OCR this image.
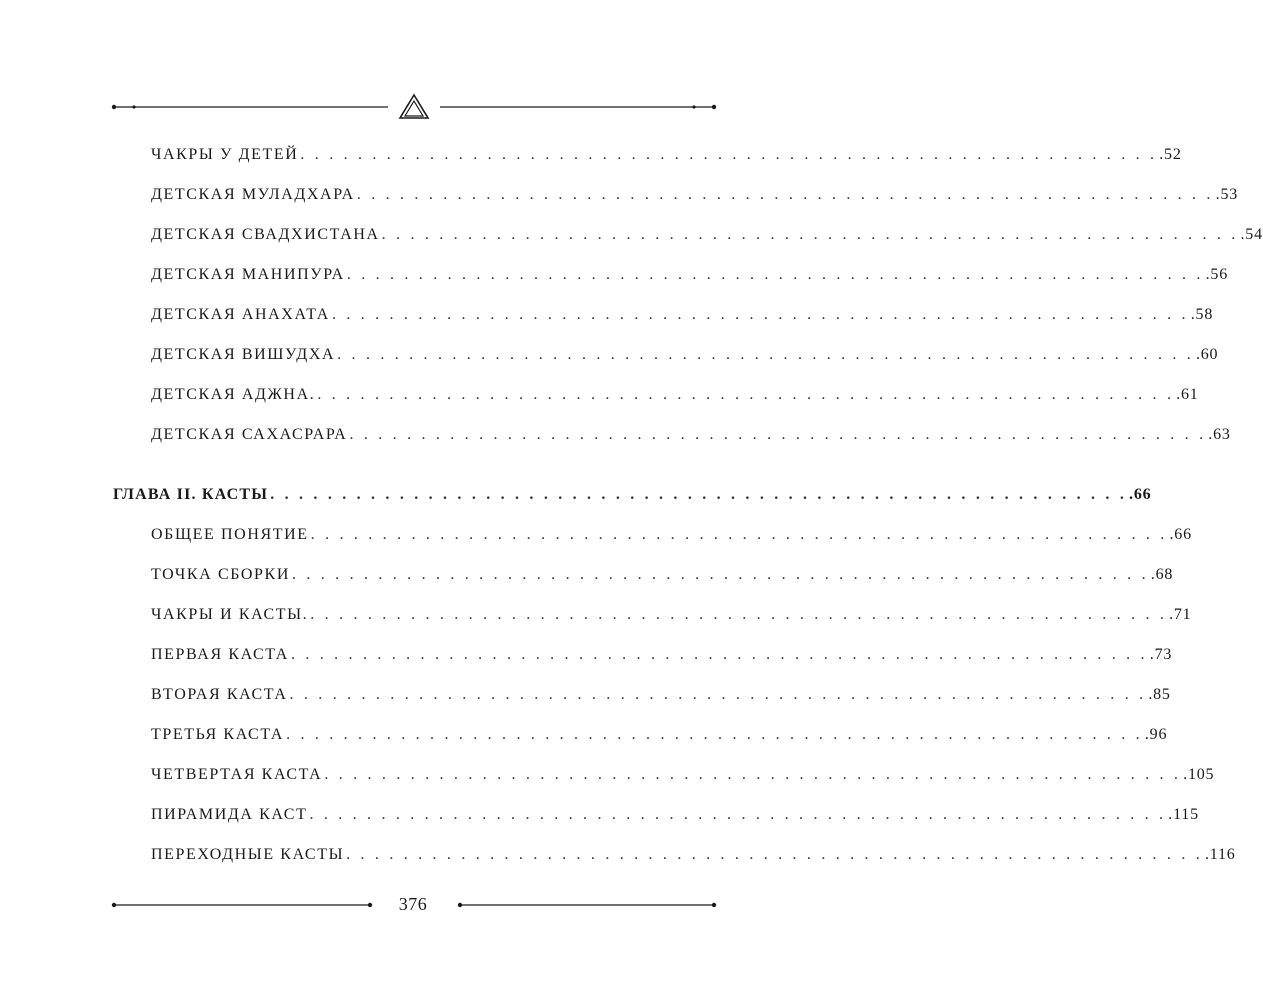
ЧАКРЫ У ДЕТЕЙ . . . . . . . . . . . . . . . . . . . . . . . . . . . . . . . . . . . . . . . . . . . . . . . . . . . . . . . . . . . . .52
ДЕТСКАЯ МУЛАДХАРА . . . . . . . . . . . . . . . . . . . . . . . . . . . . . . . . . . . . . . . . . . . . . . . . . . . . . . . . . . . . .53
ДЕТСКАЯ СВАДХИСТАНА . . . . . . . . . . . . . . . . . . . . . . . . . . . . . . . . . . . . . . . . . . . . . . . . . . . . . . . . . . . . .54
ДЕТСКАЯ МАНИПУРА . . . . . . . . . . . . . . . . . . . . . . . . . . . . . . . . . . . . . . . . . . . . . . . . . . . . . . . . . . . . .56
ДЕТСКАЯ АНАХАТА . . . . . . . . . . . . . . . . . . . . . . . . . . . . . . . . . . . . . . . . . . . . . . . . . . . . . . . . . . . . .58
ДЕТСКАЯ ВИШУДХА . . . . . . . . . . . . . . . . . . . . . . . . . . . . . . . . . . . . . . . . . . . . . . . . . . . . . . . . . . . . .60
ДЕТСКАЯ АДЖНА. . . . . . . . . . . . . . . . . . . . . . . . . . . . . . . . . . . . . . . . . . . . . . . . . . . . . . . . . . . . . .61
ДЕТСКАЯ САХАСРАРА . . . . . . . . . . . . . . . . . . . . . . . . . . . . . . . . . . . . . . . . . . . . . . . . . . . . . . . . . . . . .63
ГЛАВА II. КАСТЫ . . . . . . . . . . . . . . . . . . . . . . . . . . . . . . . . . . . . . . . . . . . . . . . . . . . . . . . . . . . . .66
ОБЩЕЕ ПОНЯТИЕ . . . . . . . . . . . . . . . . . . . . . . . . . . . . . . . . . . . . . . . . . . . . . . . . . . . . . . . . . . . . .66
ТОЧКА СБОРКИ . . . . . . . . . . . . . . . . . . . . . . . . . . . . . . . . . . . . . . . . . . . . . . . . . . . . . . . . . . . . .68
ЧАКРЫ И КАСТЫ. . . . . . . . . . . . . . . . . . . . . . . . . . . . . . . . . . . . . . . . . . . . . . . . . . . . . . . . . . . . . .71
ПЕРВАЯ КАСТА . . . . . . . . . . . . . . . . . . . . . . . . . . . . . . . . . . . . . . . . . . . . . . . . . . . . . . . . . . . . .73
ВТОРАЯ КАСТА . . . . . . . . . . . . . . . . . . . . . . . . . . . . . . . . . . . . . . . . . . . . . . . . . . . . . . . . . . . . .85
ТРЕТЬЯ КАСТА . . . . . . . . . . . . . . . . . . . . . . . . . . . . . . . . . . . . . . . . . . . . . . . . . . . . . . . . . . . . .96
ЧЕТВЕРТАЯ КАСТА . . . . . . . . . . . . . . . . . . . . . . . . . . . . . . . . . . . . . . . . . . . . . . . . . . . . . . . . . . . . .105
ПИРАМИДА КАСТ . . . . . . . . . . . . . . . . . . . . . . . . . . . . . . . . . . . . . . . . . . . . . . . . . . . . . . . . . . . . .115
ПЕРЕХОДНЫЕ КАСТЫ . . . . . . . . . . . . . . . . . . . . . . . . . . . . . . . . . . . . . . . . . . . . . . . . . . . . . . . . . . . . .116
376
